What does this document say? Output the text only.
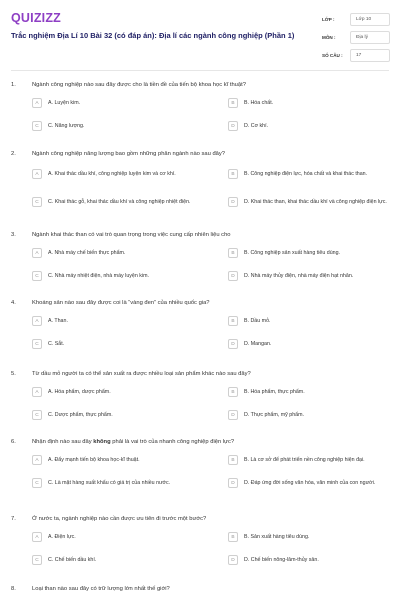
QUIZIZZ
Trắc nghiệm Địa Lí 10 Bài 32 (có đáp án): Địa lí các ngành công nghiệp (Phần 1)
LỚP :	Lớp 10
MÔN :	Địa lý
SỐ CÂU :	17
1.	Ngành công nghiệp nào sau đây được cho là tiền đề của tiến bộ khoa học kĩ thuật?
A	A. Luyện kim.	B	B. Hóa chất.
C	C. Năng lượng.	D	D. Cơ khí.
2.	Ngành công nghiệp năng lượng bao gồm những phân ngành nào sau đây?
A	A. Khai thác dầu khí, công nghiệp luyện kim và cơ khí.	B	B. Công nghiệp điện lực, hóa chất và khai thác than.
C	C. Khai thác gỗ, khai thác dầu khí và công nghiệp nhiệt điện.	D	D. Khai thác than, khai thác dầu khí và công nghiệp điện lực.
3.	Ngành khai thác than có vai trò quan trọng trong việc cung cấp nhiên liệu cho
A	A. Nhà máy chế biến thực phẩm.	B	B. Công nghiệp sản xuất hàng tiêu dùng.
C	C. Nhà máy nhiệt điện, nhà máy luyện kim.	D	D. Nhà máy thủy điện, nhà máy điện hạt nhân.
4.	Khoáng sản nào sau đây được coi là “vàng đen” của nhiều quốc gia?
A	A. Than.	B	B. Dầu mỏ.
C	C. Sắt.	D	D. Mangan.
5.	Từ dầu mỏ người ta có thể sản xuất ra được nhiều loại sản phẩm khác nào sau đây?
A	A. Hóa phẩm, dược phẩm.	B	B. Hóa phẩm, thực phẩm.
C	C. Dược phẩm, thực phẩm.	D	D. Thực phẩm, mỹ phẩm.
6.	Nhận định nào sau đây không phải là vai trò của nhanh công nghiệp điện lực?
A	A. Đẩy mạnh tiến bộ khoa học-kĩ thuật.	B	B. Là cơ sở để phát triển nền công nghiệp hiện đại.
C	C. Là mặt hàng xuất khẩu có giá trị của nhiều nước.	D	D. Đáp ứng đời sống văn hóa, văn minh của con người.
7.	Ở nước ta, ngành nghiệp nào cần được ưu tiên đi trước một bước?
A	A. Điện lực.	B	B. Sản xuất hàng tiêu dùng.
C	C. Chế biến dầu khí.	D	D. Chế biến nông-lâm-thủy sản.
8.	Loại than nào sau đây có trữ lượng lớn nhất thế giới?
